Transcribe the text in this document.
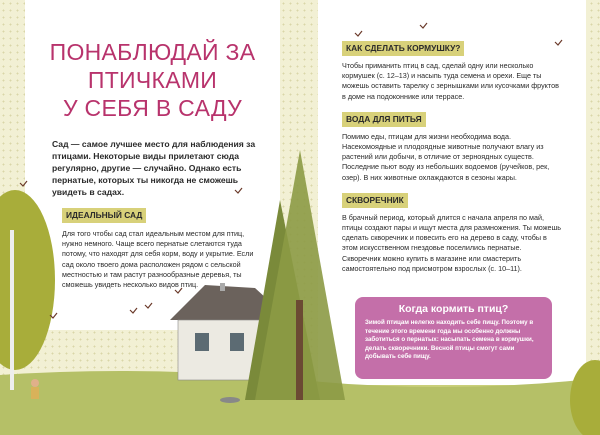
ПОНАБЛЮДАЙ ЗА ПТИЧКАМИ
У СЕБЯ В САДУ
Сад — самое лучшее место для наблюдения за птицами. Некоторые виды прилетают сюда регулярно, другие — случайно. Однако есть пернатые, которых ты никогда не сможешь увидеть в садах.
ИДЕАЛЬНЫЙ САД
Для того чтобы сад стал идеальным местом для птиц, нужно немного. Чаще всего пернатые слетаются туда потому, что находят для себя корм, воду и укрытие. Если сад около твоего дома расположен рядом с сельской местностью и там растут разнообразные деревья, ты сможешь увидеть несколько видов птиц.
КАК СДЕЛАТЬ КОРМУШКУ?
Чтобы приманить птиц в сад, сделай одну или несколько кормушек (с. 12–13) и насыпь туда семена и орехи. Еще ты можешь оставить тарелку с зернышками или кусочками фруктов в доме на подоконнике или террасе.
ВОДА ДЛЯ ПИТЬЯ
Помимо еды, птицам для жизни необходима вода. Насекомоядные и плодоядные животные получают влагу из растений или добычи, в отличие от зерноядных существ. Последние пьют воду из небольших водоемов (ручейков, рек, озер). В них животные охлаждаются в сезоны жары.
СКВОРЕЧНИК
В брачный период, который длится с начала апреля по май, птицы создают пары и ищут места для размножения. Ты можешь сделать скворечник и повесить его на дерево в саду, чтобы в этом искусственном гнездовье поселились пернатые. Скворечник можно купить в магазине или смастерить самостоятельно под присмотром взрослых (с. 10–11).
Когда кормить птиц?

Зимой птицам нелегко находить себе пищу. Поэтому в течение этого времени года мы особенно должны заботиться о пернатых: насыпать семена в кормушки, делать скворечники. Весной птицы смогут сами добывать себе пищу.
